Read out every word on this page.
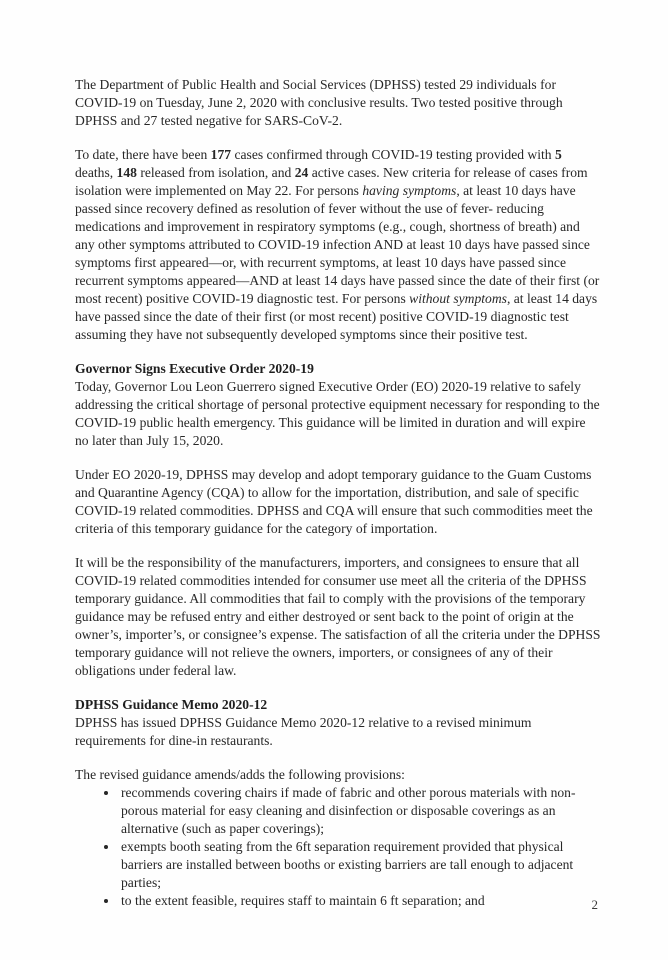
The Department of Public Health and Social Services (DPHSS) tested 29 individuals for COVID-19 on Tuesday, June 2, 2020 with conclusive results. Two tested positive through DPHSS and 27 tested negative for SARS-CoV-2.

To date, there have been 177 cases confirmed through COVID-19 testing provided with 5 deaths, 148 released from isolation, and 24 active cases. New criteria for release of cases from isolation were implemented on May 22. For persons having symptoms, at least 10 days have passed since recovery defined as resolution of fever without the use of fever- reducing medications and improvement in respiratory symptoms (e.g., cough, shortness of breath) and any other symptoms attributed to COVID-19 infection AND at least 10 days have passed since symptoms first appeared—or, with recurrent symptoms, at least 10 days have passed since recurrent symptoms appeared—AND at least 14 days have passed since the date of their first (or most recent) positive COVID-19 diagnostic test. For persons without symptoms, at least 14 days have passed since the date of their first (or most recent) positive COVID-19 diagnostic test assuming they have not subsequently developed symptoms since their positive test.

Governor Signs Executive Order 2020-19

Today, Governor Lou Leon Guerrero signed Executive Order (EO) 2020-19 relative to safely addressing the critical shortage of personal protective equipment necessary for responding to the COVID-19 public health emergency. This guidance will be limited in duration and will expire no later than July 15, 2020.

Under EO 2020-19, DPHSS may develop and adopt temporary guidance to the Guam Customs and Quarantine Agency (CQA) to allow for the importation, distribution, and sale of specific COVID-19 related commodities. DPHSS and CQA will ensure that such commodities meet the criteria of this temporary guidance for the category of importation.

It will be the responsibility of the manufacturers, importers, and consignees to ensure that all COVID-19 related commodities intended for consumer use meet all the criteria of the DPHSS temporary guidance. All commodities that fail to comply with the provisions of the temporary guidance may be refused entry and either destroyed or sent back to the point of origin at the owner’s, importer’s, or consignee’s expense. The satisfaction of all the criteria under the DPHSS temporary guidance will not relieve the owners, importers, or consignees of any of their obligations under federal law.

DPHSS Guidance Memo 2020-12

DPHSS has issued DPHSS Guidance Memo 2020-12 relative to a revised minimum requirements for dine-in restaurants.

The revised guidance amends/adds the following provisions:

• recommends covering chairs if made of fabric and other porous materials with non-porous material for easy cleaning and disinfection or disposable coverings as an alternative (such as paper coverings);
• exempts booth seating from the 6ft separation requirement provided that physical barriers are installed between booths or existing barriers are tall enough to adjacent parties;
• to the extent feasible, requires staff to maintain 6 ft separation; and	2
